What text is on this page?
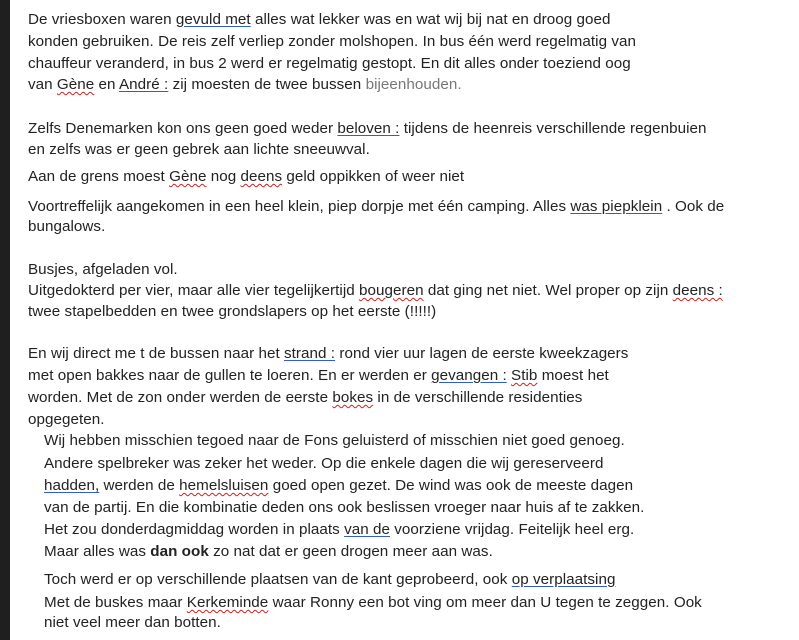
De vriesboxen waren gevuld met alles wat lekker was en wat wij bij nat en droog goed
konden gebruiken. De reis zelf verliep zonder molshopen. In bus één werd regelmatig van
chauffeur veranderd, in bus 2 werd er regelmatig gestopt. En dit alles onder toeziend oog
van Gène en André : zij moesten de twee bussen bijeenhouden.
Zelfs Denemarken kon ons geen goed weder beloven : tijdens de heenreis verschillende regenbuien
en zelfs was er geen gebrek aan lichte sneeuwval.
Aan de grens moest Gène nog deens geld oppikken of weer niet
Voortreffelijk aangekomen in een heel klein, piep dorpje met één camping. Alles was piepklein . Ook de
bungalows.
Busjes, afgeladen vol.
Uitgedokterd per vier, maar alle vier tegelijkertijd bougeren dat ging net niet. Wel proper op zijn deens :
twee stapelbedden en twee grondslapers op het eerste (!!!!!)
En wij direct me t de bussen naar het strand : rond vier uur lagen de eerste kweekzagers
met open bakkes naar de gullen te loeren. En er werden er gevangen : Stib moest het
worden. Met de zon onder werden de eerste bokes in de verschillende residenties
opgegeten.
Wij hebben misschien tegoed naar de Fons geluisterd of misschien niet goed genoeg.
Andere spelbreker was zeker het weder. Op die enkele dagen die wij gereserveerd
hadden, werden de hemelsluisen goed open gezet. De wind was ook de meeste dagen
van de partij. En die kombinatie deden ons ook beslissen vroeger naar huis af te zakken.
Het zou donderdagmiddag worden in plaats van de voorziene vrijdag. Feitelijk heel erg.
Maar alles was dan ook zo nat dat er geen drogen meer aan was.
Toch werd er op verschillende plaatsen van de kant geprobeerd, ook op verplaatsing
Met de buskes maar Kerkeminde waar Ronny een bot ving om meer dan U tegen te zeggen. Ook
niet veel meer dan botten.
